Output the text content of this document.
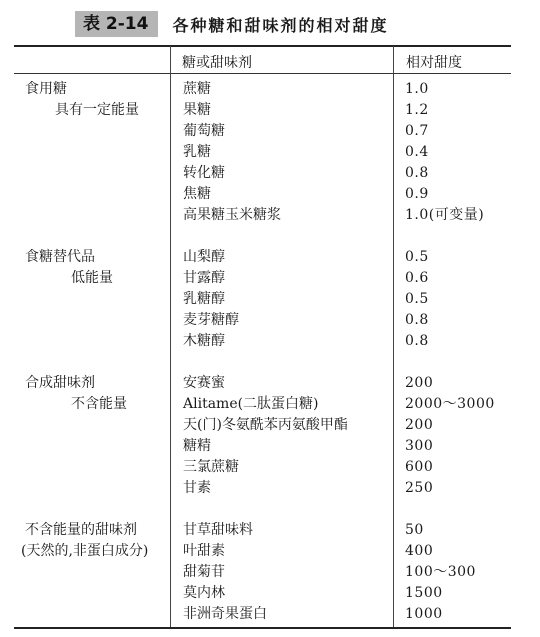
表 2-14	各种糖和甜味剂的相对甜度
糖或甜味剂	相对甜度
食用糖
具有一定能量
蔗糖	1.0
果糖	1.2
葡萄糖	0.7
乳糖	0.4
转化糖	0.8
焦糖	0.9
高果糖玉米糖浆	1.0(可变量)
食糖替代品
低能量
山梨醇	0.5
甘露醇	0.6
乳糖醇	0.5
麦芽糖醇	0.8
木糖醇	0.8
合成甜味剂
不含能量
安赛蜜	200
Alitame(二肽蛋白糖)	2000～3000
天(门)冬氨酰苯丙氨酸甲酯	200
糖精	300
三氯蔗糖	600
甘素	250
不含能量的甜味剂
(天然的,非蛋白成分)
甘草甜味料	50
叶甜素	400
甜菊苷	100～300
莫内林	1500
非洲奇果蛋白	1000
